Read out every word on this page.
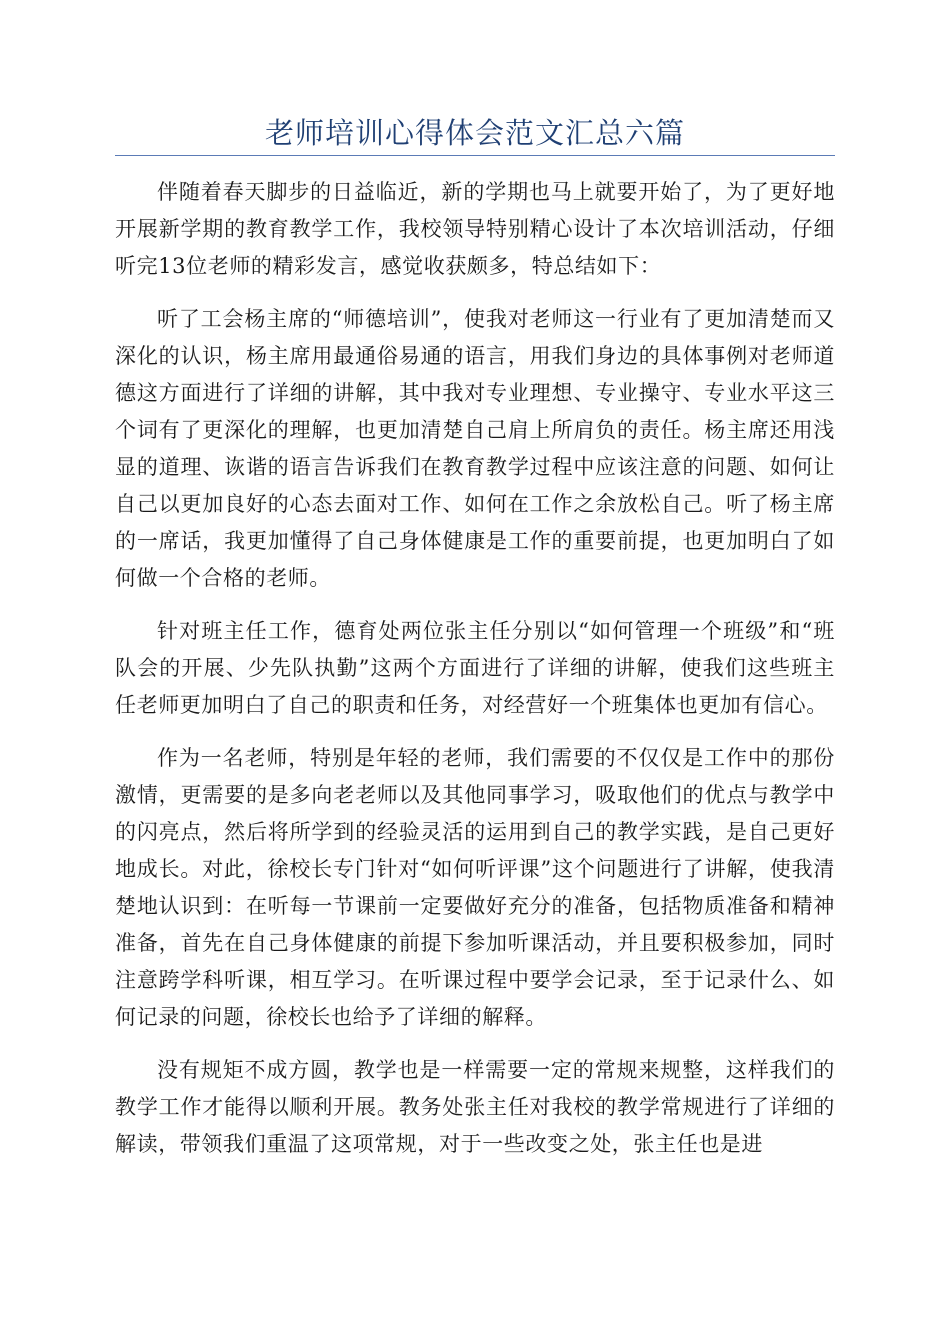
老师培训心得体会范文汇总六篇

伴随着春天脚步的日益临近，新的学期也马上就要开始了，为了更好地开展新学期的教育教学工作，我校领导特别精心设计了本次培训活动，仔细听完13位老师的精彩发言，感觉收获颇多，特总结如下：

听了工会杨主席的“师德培训”，使我对老师这一行业有了更加清楚而又深化的认识，杨主席用最通俗易通的语言，用我们身边的具体事例对老师道德这方面进行了详细的讲解，其中我对专业理想、专业操守、专业水平这三个词有了更深化的理解，也更加清楚自己肩上所肩负的责任。杨主席还用浅显的道理、诙谐的语言告诉我们在教育教学过程中应该注意的问题、如何让自己以更加良好的心态去面对工作、如何在工作之余放松自己。听了杨主席的一席话，我更加懂得了自己身体健康是工作的重要前提，也更加明白了如何做一个合格的老师。

针对班主任工作，德育处两位张主任分别以“如何管理一个班级”和“班队会的开展、少先队执勤”这两个方面进行了详细的讲解，使我们这些班主任老师更加明白了自己的职责和任务，对经营好一个班集体也更加有信心。

作为一名老师，特别是年轻的老师，我们需要的不仅仅是工作中的那份激情，更需要的是多向老老师以及其他同事学习，吸取他们的优点与教学中的闪亮点，然后将所学到的经验灵活的运用到自己的教学实践，是自己更好地成长。对此，徐校长专门针对“如何听评课”这个问题进行了讲解，使我清楚地认识到：在听每一节课前一定要做好充分的准备，包括物质准备和精神准备，首先在自己身体健康的前提下参加听课活动，并且要积极参加，同时注意跨学科听课，相互学习。在听课过程中要学会记录，至于记录什么、如何记录的问题，徐校长也给予了详细的解释。

没有规矩不成方圆，教学也是一样需要一定的常规来规整，这样我们的教学工作才能得以顺利开展。教务处张主任对我校的教学常规进行了详细的解读，带领我们重温了这项常规，对于一些改变之处，张主任也是进
